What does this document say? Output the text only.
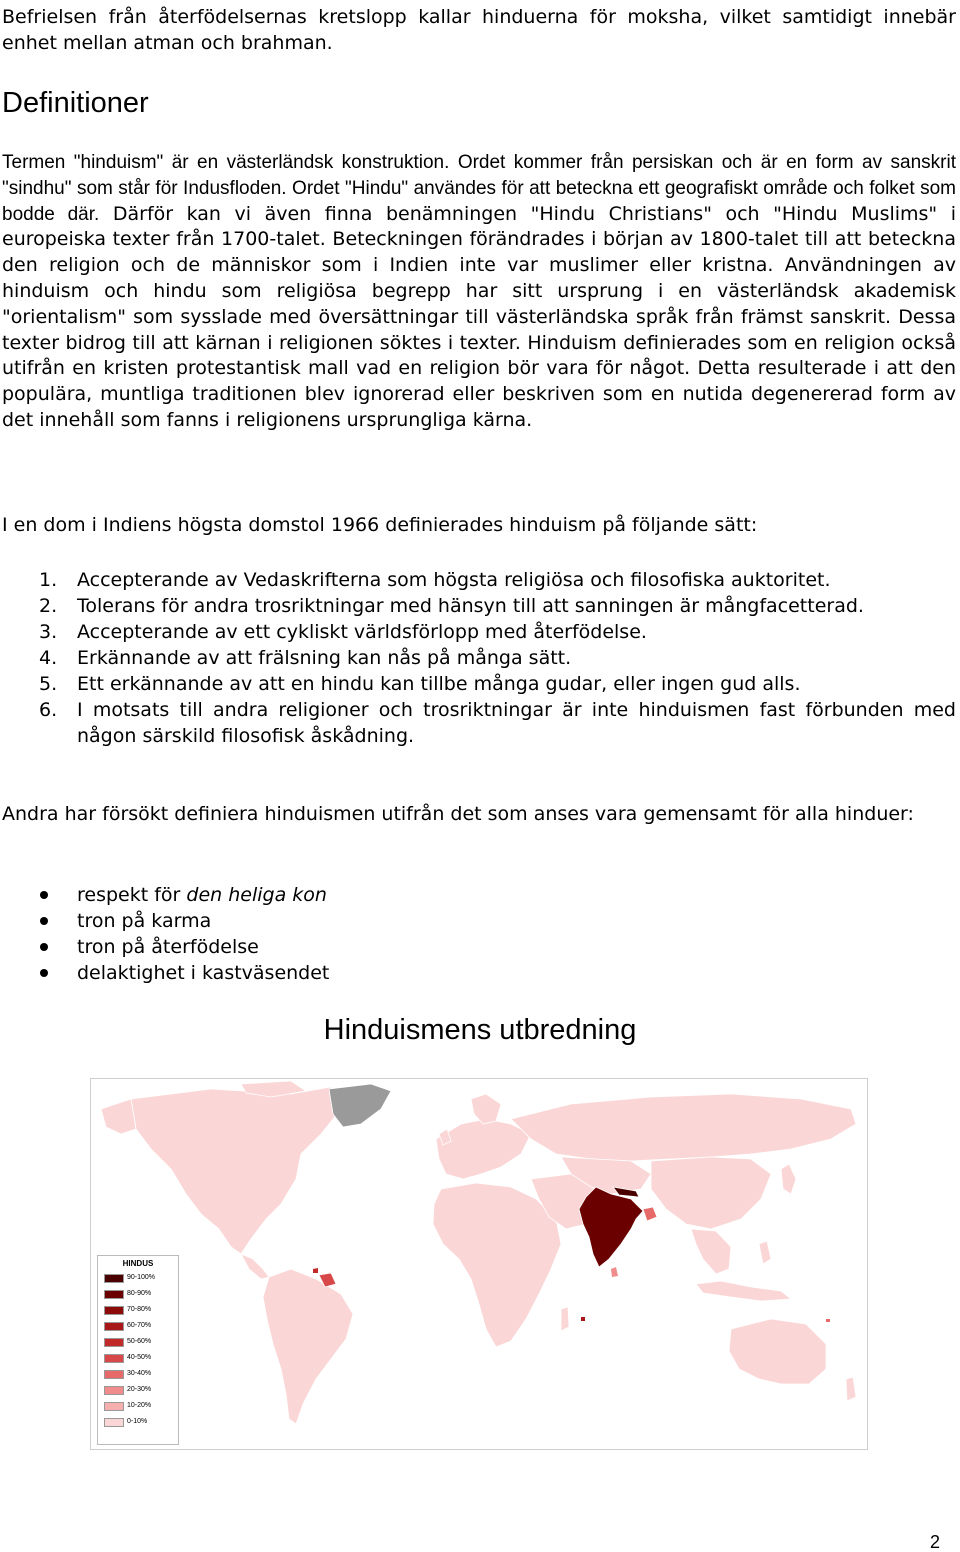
Befrielsen från återfödelsernas kretslopp kallar hinduerna för moksha, vilket samtidigt innebär enhet mellan atman och brahman.

Definitioner

Termen "hinduism" är en västerländsk konstruktion. Ordet kommer från persiskan och är en form av sanskrit "sindhu" som står för Indusfloden. Ordet "Hindu" användes för att beteckna ett geografiskt område och folket som bodde där. Därför kan vi även finna benämningen "Hindu Christians" och "Hindu Muslims" i europeiska texter från 1700-talet. Beteckningen förändrades i början av 1800-talet till att beteckna den religion och de människor som i Indien inte var muslimer eller kristna. Användningen av hinduism och hindu som religiösa begrepp har sitt ursprung i en västerländsk akademisk "orientalism" som sysslade med översättningar till västerländska språk från främst sanskrit. Dessa texter bidrog till att kärnan i religionen söktes i texter. Hinduism definierades som en religion också utifrån en kristen protestantisk mall vad en religion bör vara för något. Detta resulterade i att den populära, muntliga traditionen blev ignorerad eller beskriven som en nutida degenererad form av det innehåll som fanns i religionens ursprungliga kärna.

I en dom i Indiens högsta domstol 1966 definierades hinduism på följande sätt:

1. Accepterande av Vedaskrifterna som högsta religiösa och filosofiska auktoritet.
2. Tolerans för andra trosriktningar med hänsyn till att sanningen är mångfacetterad.
3. Accepterande av ett cykliskt världsförlopp med återfödelse.
4. Erkännande av att frälsning kan nås på många sätt.
5. Ett erkännande av att en hindu kan tillbe många gudar, eller ingen gud alls.
6. I motsats till andra religioner och trosriktningar är inte hinduismen fast förbunden med någon särskild filosofisk åskådning.

Andra har försökt definiera hinduismen utifrån det som anses vara gemensamt för alla hinduer:

respekt för den heliga kon
tron på karma
tron på återfödelse
delaktighet i kastväsendet
Hinduismens utbredning
HINDUS
90-100%
80-90%
70-80%
60-70%
50-60%
40-50%
30-40%
20-30%
10-20%
0-10%
2
